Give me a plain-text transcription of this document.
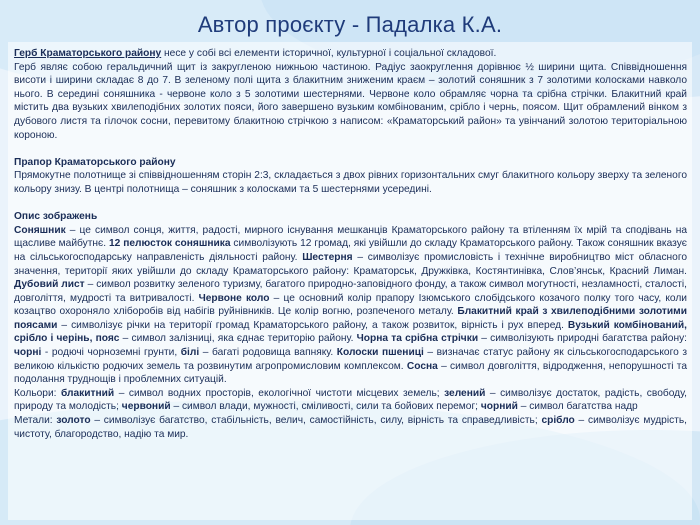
Автор проєкту - Падалка К.А.

Герб Краматорського району несе у собі всі елементи історичної, культурної і соціальної складової.

Герб являє собою геральдичний щит із закругленою нижньою частиною. Радіус заокруглення дорівнює ½ ширини щита. Співвідношення висоти і ширини складає 8 до 7. В зеленому полі щита з блакитним зниженим краєм – золотий соняшник з 7 золотими колосками навколо нього. В середині соняшника - червоне коло з 5 золотими шестернями. Червоне коло обрамляє чорна та срібна стрічки. Блакитний край містить два вузьких хвилеподібних золотих пояси, його завершено вузьким комбінованим, срібло і чернь, поясом. Щит обрамлений вінком з дубового листя та гілочок сосни, перевитому блакитною стрічкою з написом: «Краматорський район» та увінчаний золотою територіальною короною.

Прапор Краматорського району

Прямокутне полотнище зі співвідношенням сторін 2:3, складається з двох рівних горизонтальних смуг блакитного кольору зверху та зеленого кольору знизу. В центрі полотнища – соняшник з колосками та 5 шестернями усередині.

Опис зображень

Соняшник – це символ сонця, життя, радості, мирного існування мешканців Краматорського району та втіленням їх мрій та сподівань на щасливе майбутнє. 12 пелюсток соняшника символізують 12 громад, які увійшли до складу Краматорського району. Також соняшник вказує на сільськогосподарську направленість діяльності району. Шестерня – символізує промисловість і технічне виробництво міст обласного значення, території яких увійшли до складу Краматорського району: Краматорськ, Дружківка, Костянтинівка, Слов’янськ, Красний Лиман. Дубовий лист – символ розвитку зеленого туризму, багатого природно-заповідного фонду, а також символ могутності, незламності, сталості, довголіття, мудрості та витривалості. Червоне коло – це основний колір прапору Ізюмського слобідського козачого полку того часу, коли козацтво охороняло хліборобів від набігів руйнівників. Це колір вогню, розпеченого металу. Блакитний край з хвилеподібними золотими поясами – символізує річки на території громад Краматорського району, а також розвиток, вірність і рух вперед. Вузький комбінований, срібло і черінь, пояс – символ залізниці, яка єднає територію району. Чорна та срібна стрічки – символізують природні багатства району: чорні - родючі чорноземні грунти, білі – багаті родовища вапняку. Колоски пшениці – визначає статус району як сільськогосподарського з великою кількістю родючих земель та розвинутим агропромисловим комплексом. Сосна – символ довголіття, відродження, непорушності та подолання труднощів і проблемних ситуацій.

Кольори: блакитний – символ водних просторів, екологічної чистоти місцевих земель; зелений – символізує достаток, радість, свободу, природу та молодість; червоний – символ влади, мужності, сміливості, сили та бойових перемог; чорний – символ багатства надр

Метали: золото – символізує багатство, стабільність, велич, самостійність, силу, вірність та справедливість; срібло – символізує мудрість, чистоту, благородство, надію та мир.
